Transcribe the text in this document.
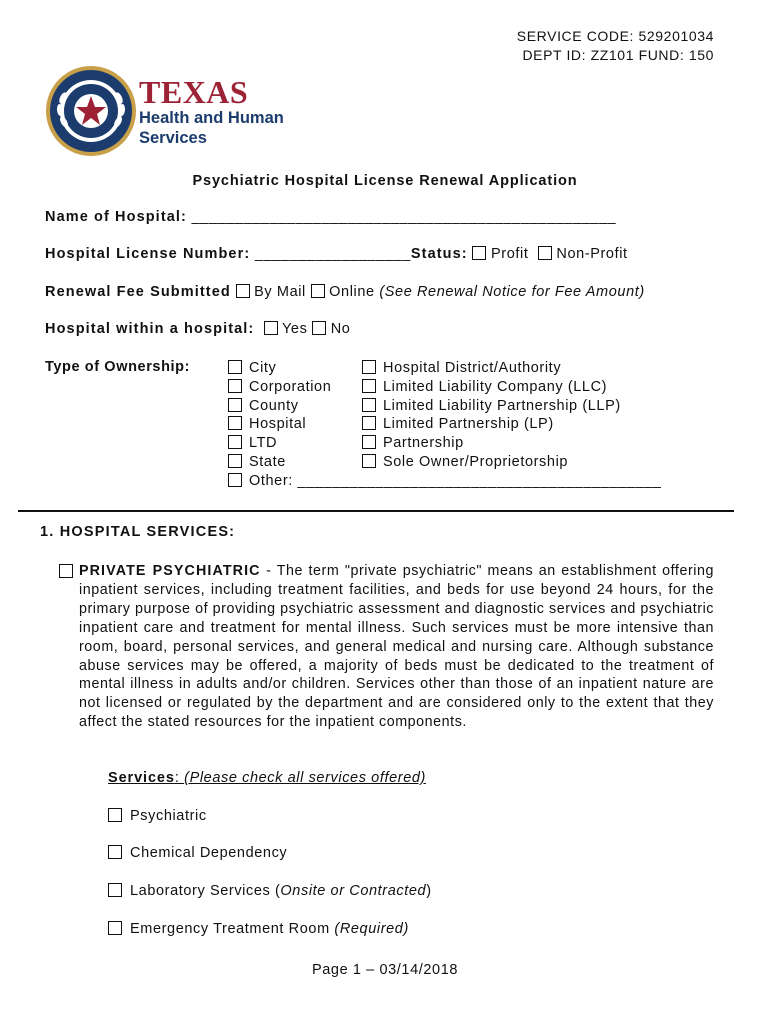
SERVICE CODE: 529201034
DEPT ID: ZZ101 FUND: 150
TEXAS
Health and Human
Services
Psychiatric Hospital License Renewal Application
Name of Hospital: _________________________________________________
Hospital License Number: __________________Status: Profit Non-Profit
Renewal Fee Submitted By Mail Online (See Renewal Notice for Fee Amount)
Hospital within a hospital: Yes No
Type of Ownership:	City
Corporation
County
Hospital
LTD
State
Other: __________________________________________
Hospital District/Authority
Limited Liability Company (LLC)
Limited Liability Partnership (LLP)
Limited Partnership (LP)
Partnership
Sole Owner/Proprietorship
1. HOSPITAL SERVICES:
PRIVATE PSYCHIATRIC - The term "private psychiatric" means an establishment offering inpatient services, including treatment facilities, and beds for use beyond 24 hours, for the primary purpose of providing psychiatric assessment and diagnostic services and psychiatric inpatient care and treatment for mental illness. Such services must be more intensive than room, board, personal services, and general medical and nursing care. Although substance abuse services may be offered, a majority of beds must be dedicated to the treatment of mental illness in adults and/or children. Services other than those of an inpatient nature are not licensed or regulated by the department and are considered only to the extent that they affect the stated resources for the inpatient components.
Services: (Please check all services offered)
Psychiatric
Chemical Dependency
Laboratory Services (Onsite or Contracted)
Emergency Treatment Room (Required)
Page 1 – 03/14/2018
